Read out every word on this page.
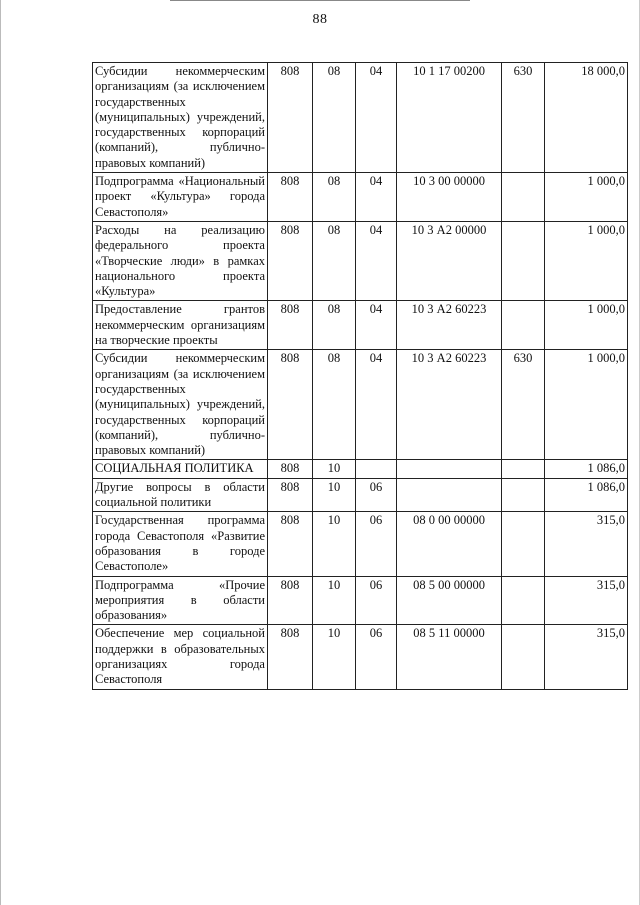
88
Субсидии некоммерческим организациям (за исключением государственных (муниципальных) учреждений, государственных корпораций (компаний), публично-правовых компаний)	808	08	04	10 1 17 00200	630	18 000,0
Подпрограмма «Национальный проект «Культура» города Севастополя»	808	08	04	10 3 00 00000		1 000,0
Расходы на реализацию федерального проекта «Творческие люди» в рамках национального проекта «Культура»	808	08	04	10 3 А2 00000		1 000,0
Предоставление грантов некоммерческим организациям на творческие проекты	808	08	04	10 3 А2 60223		1 000,0
Субсидии некоммерческим организациям (за исключением государственных (муниципальных) учреждений, государственных корпораций (компаний), публично-правовых компаний)	808	08	04	10 3 А2 60223	630	1 000,0
СОЦИАЛЬНАЯ ПОЛИТИКА	808	10				1 086,0
Другие вопросы в области социальной политики	808	10	06			1 086,0
Государственная программа города Севастополя «Развитие образования в городе Севастополе»	808	10	06	08 0 00 00000		315,0
Подпрограмма «Прочие мероприятия в области образования»	808	10	06	08 5 00 00000		315,0
Обеспечение мер социальной поддержки в образовательных организациях города Севастополя	808	10	06	08 5 11 00000		315,0
